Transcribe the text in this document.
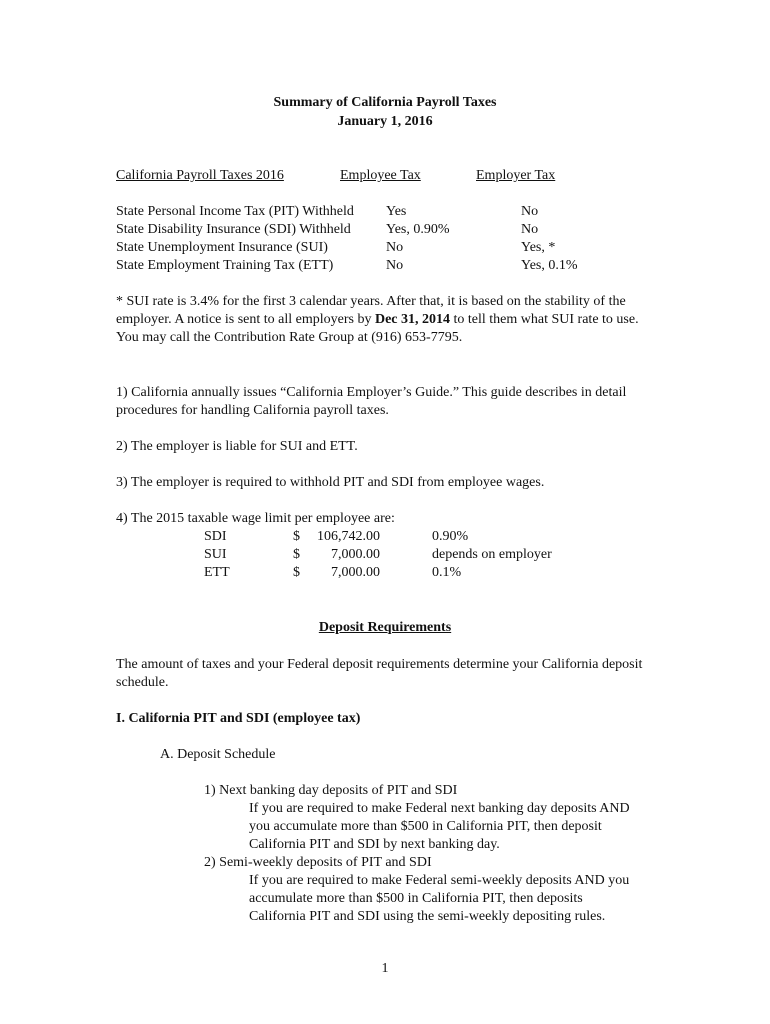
Summary of California Payroll Taxes
January 1, 2016
California Payroll Taxes 2016	Employee Tax	Employer Tax
State Personal Income Tax (PIT) Withheld Yes	No
State Disability Insurance (SDI) Withheld	Yes, 0.90%	No
State Unemployment Insurance (SUI)	No	Yes, *
State Employment Training Tax (ETT)	No	Yes, 0.1%
* SUI rate is 3.4% for the first 3 calendar years. After that, it is based on the stability of the employer. A notice is sent to all employers by Dec 31, 2014 to tell them what SUI rate to use. You may call the Contribution Rate Group at (916) 653-7795.
1) California annually issues “California Employer’s Guide.” This guide describes in detail procedures for handling California payroll taxes.
2) The employer is liable for SUI and ETT.
3) The employer is required to withhold PIT and SDI from employee wages.
4) The 2015 taxable wage limit per employee are:
SDI	$	106,742.00	0.90%
SUI	$	7,000.00	depends on employer
ETT	$	7,000.00	0.1%
Deposit Requirements
The amount of taxes and your Federal deposit requirements determine your California deposit schedule.
I. California PIT and SDI (employee tax)
A. Deposit Schedule
1) Next banking day deposits of PIT and SDI
If you are required to make Federal next banking day deposits AND
you accumulate more than $500 in California PIT, then deposit
California PIT and SDI by next banking day.
2) Semi-weekly deposits of PIT and SDI
If you are required to make Federal semi-weekly deposits AND you
accumulate more than $500 in California PIT, then deposits
California PIT and SDI using the semi-weekly depositing rules.
1
